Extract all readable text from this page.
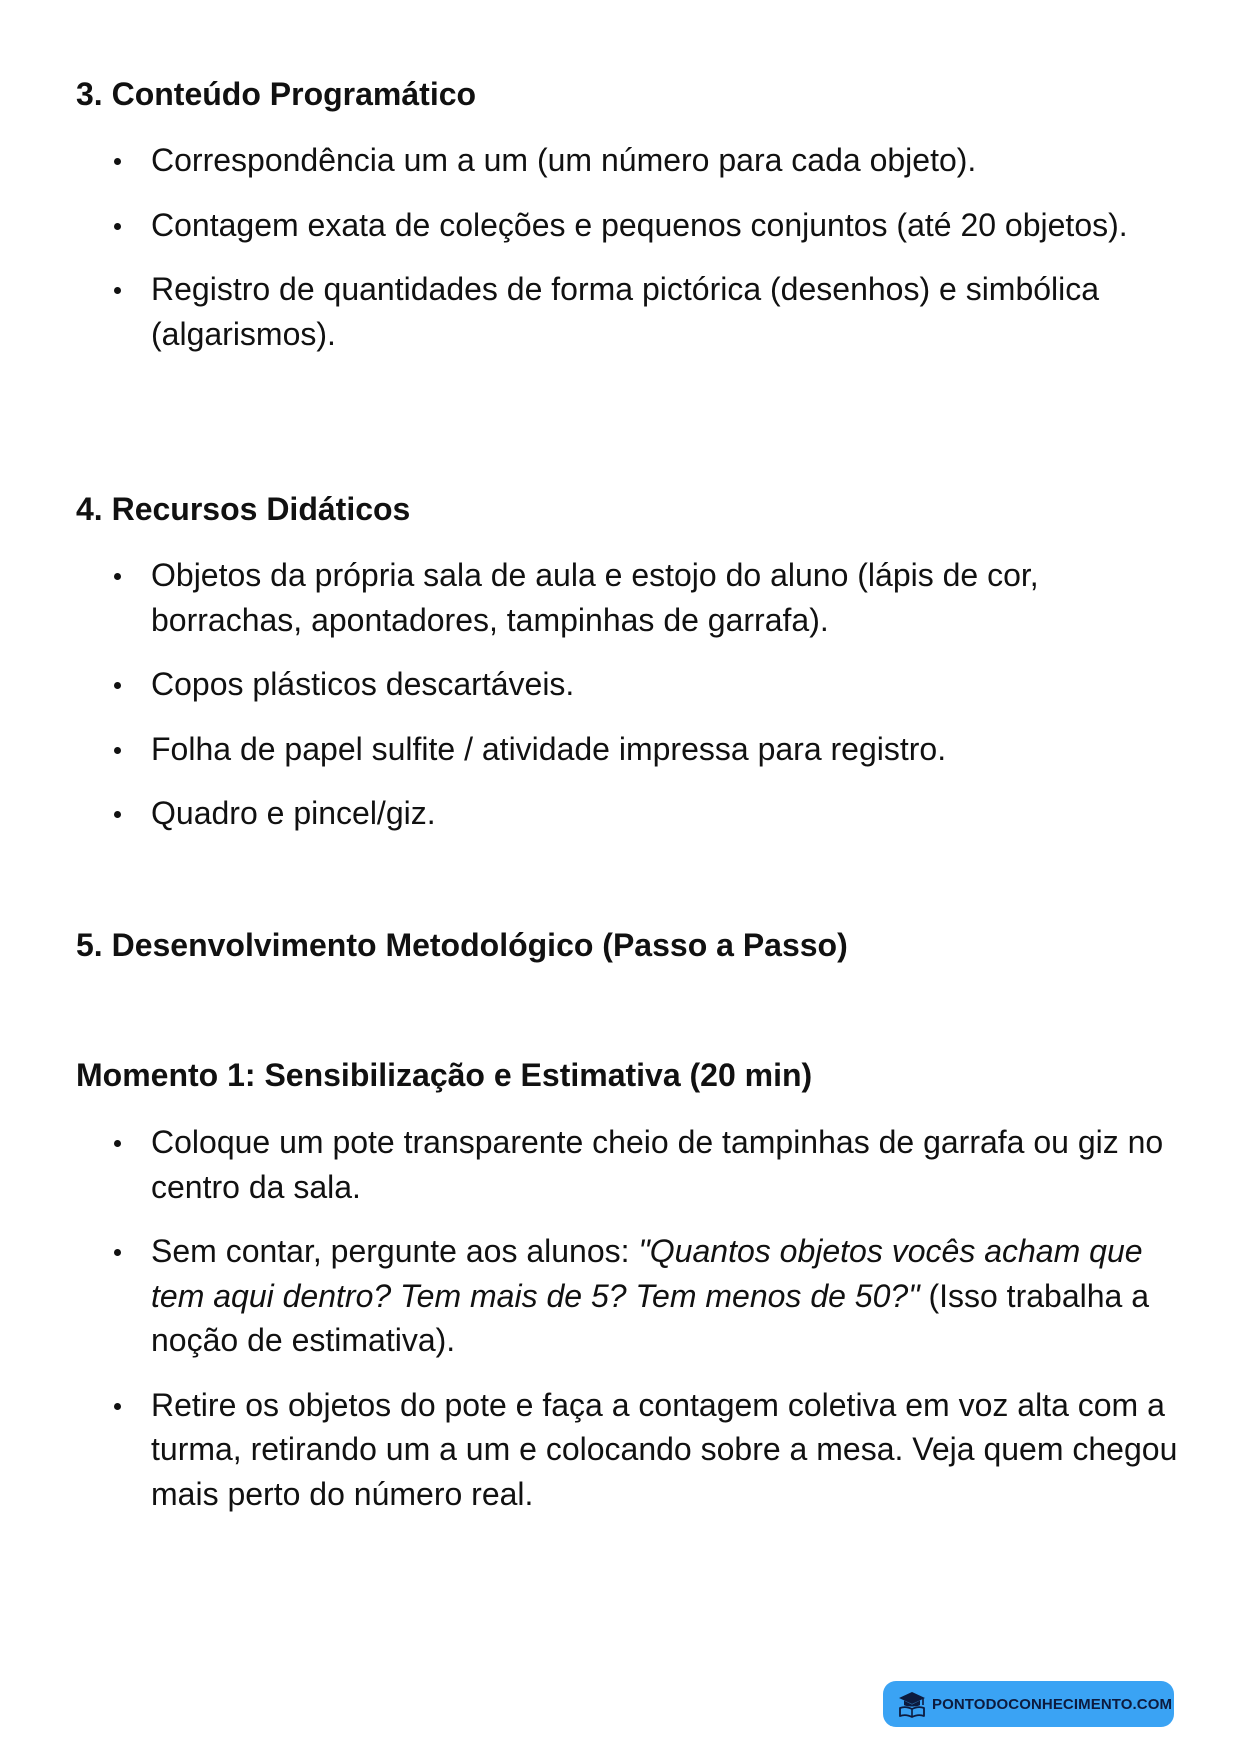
3. Conteúdo Programático
Correspondência um a um (um número para cada objeto).
Contagem exata de coleções e pequenos conjuntos (até 20 objetos).
Registro de quantidades de forma pictórica (desenhos) e simbólica (algarismos).
4. Recursos Didáticos
Objetos da própria sala de aula e estojo do aluno (lápis de cor, borrachas, apontadores, tampinhas de garrafa).
Copos plásticos descartáveis.
Folha de papel sulfite / atividade impressa para registro.
Quadro e pincel/giz.
5. Desenvolvimento Metodológico (Passo a Passo)
Momento 1: Sensibilização e Estimativa (20 min)
Coloque um pote transparente cheio de tampinhas de garrafa ou giz no centro da sala.
Sem contar, pergunte aos alunos: "Quantos objetos vocês acham que tem aqui dentro? Tem mais de 5? Tem menos de 50?" (Isso trabalha a noção de estimativa).
Retire os objetos do pote e faça a contagem coletiva em voz alta com a turma, retirando um a um e colocando sobre a mesa. Veja quem chegou mais perto do número real.
PONTODOCONHECIMENTO.COM
